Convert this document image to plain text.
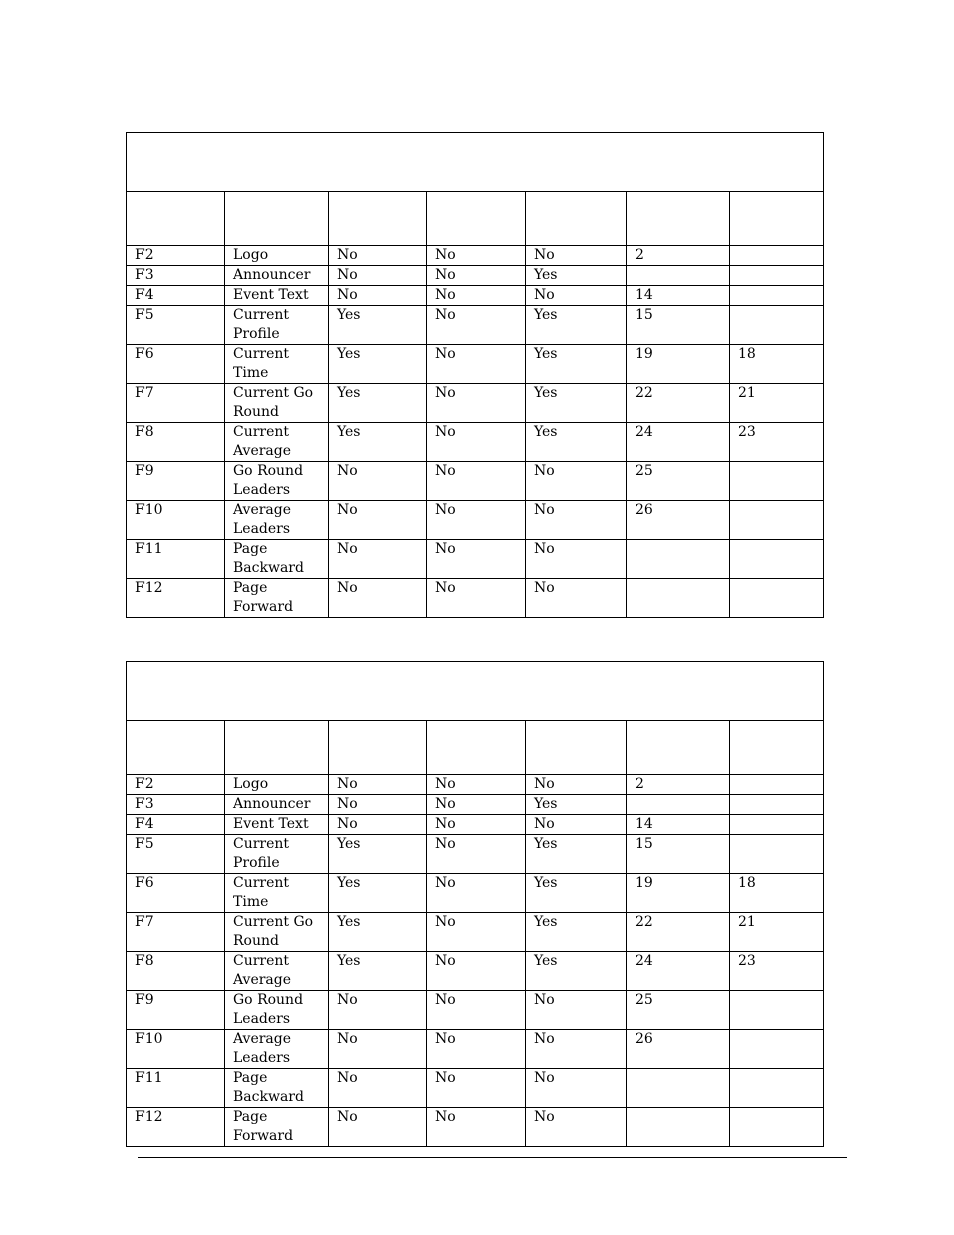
F2	Logo	No	No	No	2	
F3	Announcer	No	No	Yes		
F4	Event Text	No	No	No	14	
F5	Current Profile	Yes	No	Yes	15	
F6	Current Time	Yes	No	Yes	19	18
F7	Current Go Round	Yes	No	Yes	22	21
F8	Current Average	Yes	No	Yes	24	23
F9	Go Round Leaders	No	No	No	25	
F10	Average Leaders	No	No	No	26	
F11	Page Backward	No	No	No		
F12	Page Forward	No	No	No		

F2	Logo	No	No	No	2	
F3	Announcer	No	No	Yes		
F4	Event Text	No	No	No	14	
F5	Current Profile	Yes	No	Yes	15	
F6	Current Time	Yes	No	Yes	19	18
F7	Current Go Round	Yes	No	Yes	22	21
F8	Current Average	Yes	No	Yes	24	23
F9	Go Round Leaders	No	No	No	25	
F10	Average Leaders	No	No	No	26	
F11	Page Backward	No	No	No		
F12	Page Forward	No	No	No		
